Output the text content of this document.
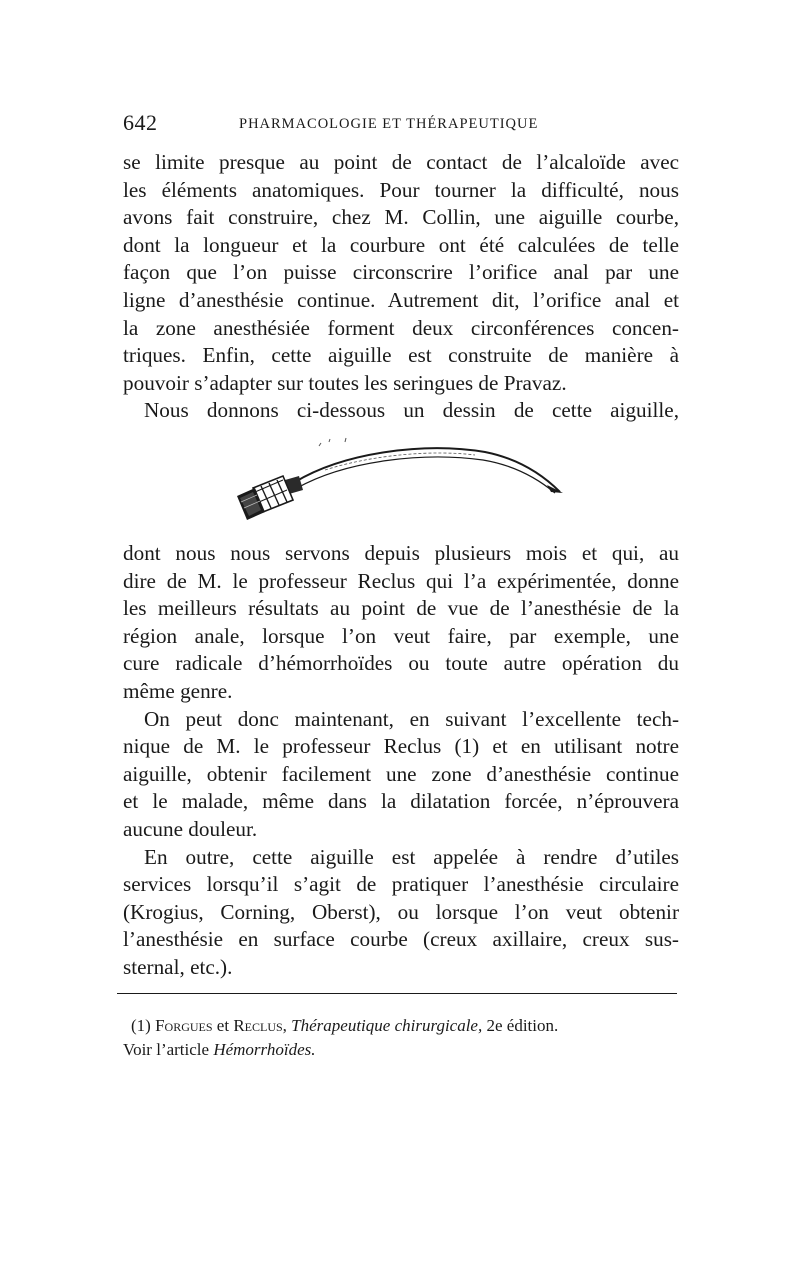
642	PHARMACOLOGIE ET THÉRAPEUTIQUE
se limite presque au point de contact de l’alcaloïde avec
les éléments anatomiques. Pour tourner la difficulté, nous
avons fait construire, chez M. Collin, une aiguille courbe,
dont la longueur et la courbure ont été calculées de telle
façon que l’on puisse circonscrire l’orifice anal par une
ligne d’anesthésie continue. Autrement dit, l’orifice anal et
la zone anesthésiée forment deux circonférences concen-
triques. Enfin, cette aiguille est construite de manière à
pouvoir s’adapter sur toutes les seringues de Pravaz.
Nous donnons ci-dessous un dessin de cette aiguille,
dont nous nous servons depuis plusieurs mois et qui, au
dire de M. le professeur Reclus qui l’a expérimentée, donne
les meilleurs résultats au point de vue de l’anesthésie de la
région anale, lorsque l’on veut faire, par exemple, une
cure radicale d’hémorrhoïdes ou toute autre opération du
même genre.
On peut donc maintenant, en suivant l’excellente tech-
nique de M. le professeur Reclus (1) et en utilisant notre
aiguille, obtenir facilement une zone d’anesthésie continue
et le malade, même dans la dilatation forcée, n’éprouvera
aucune douleur.
En outre, cette aiguille est appelée à rendre d’utiles
services lorsqu’il s’agit de pratiquer l’anesthésie circulaire
(Krogius, Corning, Oberst), ou lorsque l’on veut obtenir
l’anesthésie en surface courbe (creux axillaire, creux sus-
sternal, etc.).
(1) Forgues et Reclus, Thérapeutique chirurgicale, 2e édition.
Voir l’article Hémorrhoïdes.
